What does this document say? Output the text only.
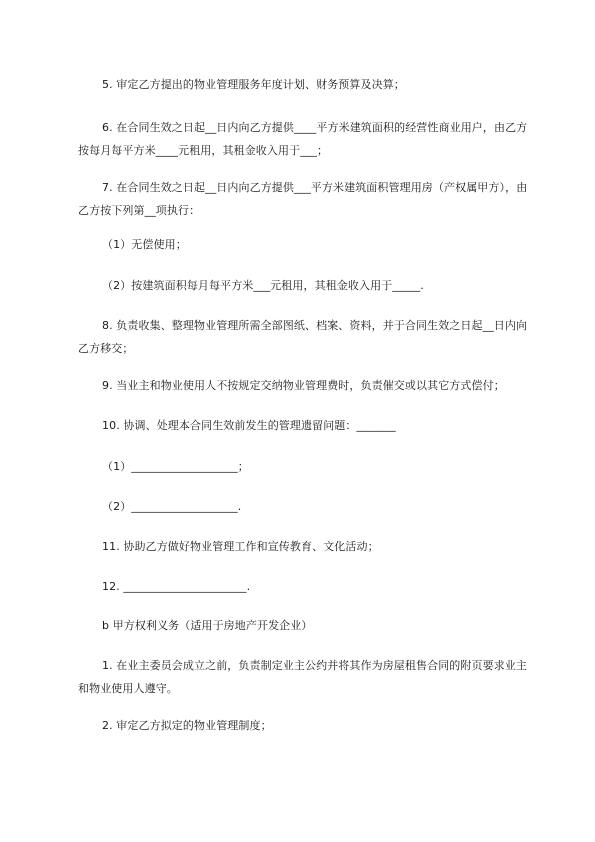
5. 审定乙方提出的物业管理服务年度计划、财务预算及决算；
6. 在合同生效之日起__日内向乙方提供____平方米建筑面积的经营性商业用户，由乙方按每月每平方米____元租用，其租金收入用于___；
7. 在合同生效之日起__日内向乙方提供___平方米建筑面积管理用房（产权属甲方），由乙方按下列第__项执行：
（1）无偿使用；
（2）按建筑面积每月每平方米___元租用，其租金收入用于_____.
8. 负责收集、整理物业管理所需全部图纸、档案、资料，并于合同生效之日起__日内向乙方移交；
9. 当业主和物业使用人不按规定交纳物业管理费时，负责催交或以其它方式偿付；
10. 协调、处理本合同生效前发生的管理遗留问题：_______
（1）___________________；
（2）___________________.
11. 协助乙方做好物业管理工作和宣传教育、文化活动；
12. ______________________.
b 甲方权利义务（适用于房地产开发企业）
1. 在业主委员会成立之前，负责制定业主公约并将其作为房屋租售合同的附页要求业主和物业使用人遵守。
2. 审定乙方拟定的物业管理制度；
